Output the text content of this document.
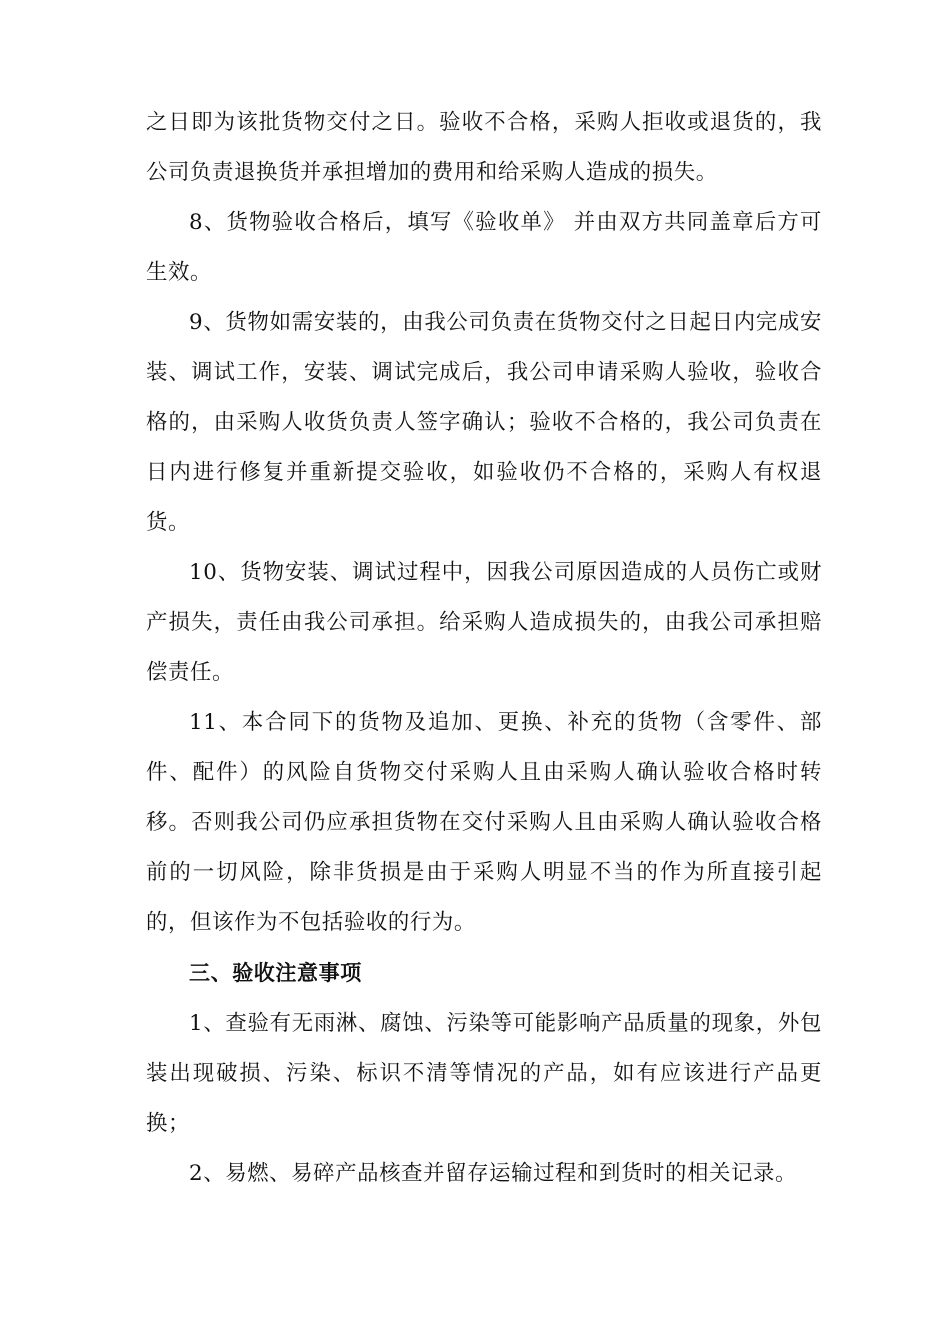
之日即为该批货物交付之日。验收不合格，采购人拒收或退货的，我公司负责退换货并承担增加的费用和给采购人造成的损失。

8、货物验收合格后，填写《验收单》 并由双方共同盖章后方可生效。

9、货物如需安装的，由我公司负责在货物交付之日起日内完成安装、调试工作，安装、调试完成后，我公司申请采购人验收，验收合格的，由采购人收货负责人签字确认；验收不合格的，我公司负责在日内进行修复并重新提交验收，如验收仍不合格的，采购人有权退货。

10、货物安装、调试过程中，因我公司原因造成的人员伤亡或财产损失，责任由我公司承担。给采购人造成损失的，由我公司承担赔偿责任。

11、本合同下的货物及追加、更换、补充的货物（含零件、部件、配件）的风险自货物交付采购人且由采购人确认验收合格时转移。否则我公司仍应承担货物在交付采购人且由采购人确认验收合格前的一切风险，除非货损是由于采购人明显不当的作为所直接引起的，但该作为不包括验收的行为。

三、验收注意事项

1、查验有无雨淋、腐蚀、污染等可能影响产品质量的现象，外包装出现破损、污染、标识不清等情况的产品，如有应该进行产品更换；

2、易燃、易碎产品核查并留存运输过程和到货时的相关记录。
